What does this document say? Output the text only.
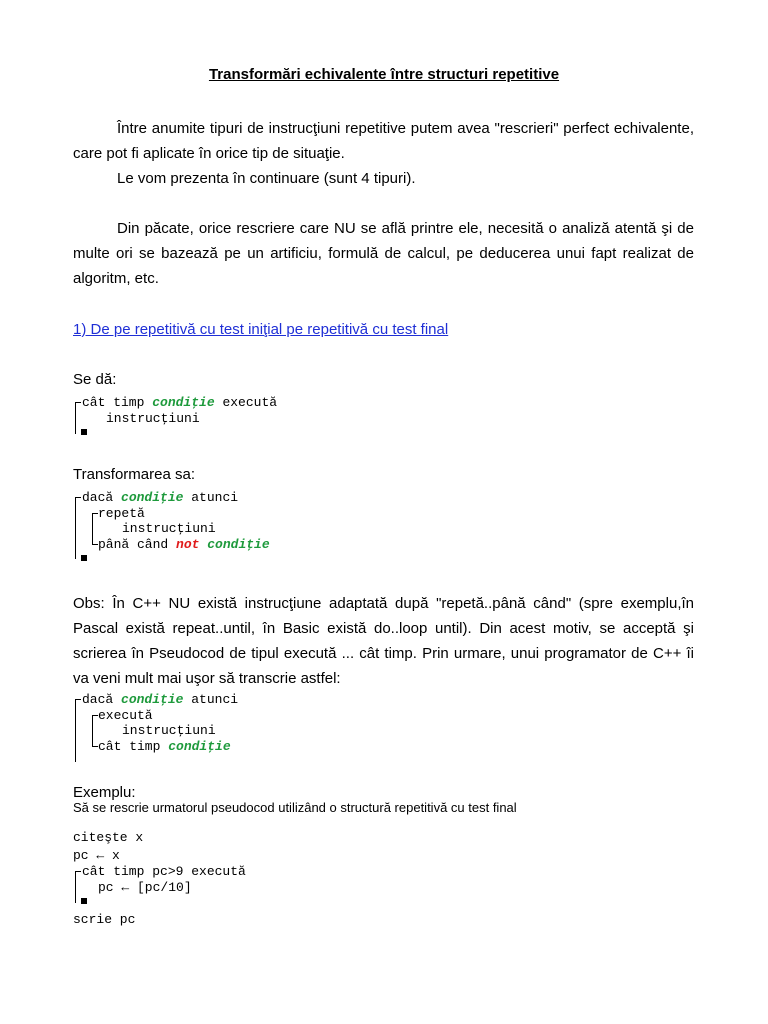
Transformări echivalente între structuri repetitive
Între anumite tipuri de instrucţiuni repetitive putem avea "rescrieri" perfect echivalente, care pot fi aplicate în orice tip de situaţie.
Le vom prezenta în continuare (sunt 4 tipuri).
Din păcate, orice rescriere care NU se află printre ele, necesită o analiză atentă şi de multe ori se bazează pe un artificiu, formulă de calcul, pe deducerea unui fapt realizat de algoritm, etc.
1) De pe repetitivă cu test iniţial pe repetitivă cu test final
Se dă:
cât timp condiţie execută
instrucţiuni
Transformarea sa:
dacă condiţie atunci
repetă
instrucţiuni
până când not condiţie
Obs: În C++ NU există instrucţiune adaptată după "repetă..până când" (spre exemplu,în Pascal există repeat..until, în Basic există do..loop until). Din acest motiv, se acceptă şi scrierea în Pseudocod de tipul execută ... cât timp. Prin urmare, unui programator de C++ îi va veni mult mai uşor să transcrie astfel:
dacă condiţie atunci
execută
instrucţiuni
cât timp condiţie
Exemplu:
Să se rescrie urmatorul pseudocod utilizând o structură repetitivă cu test final
citeşte x
pc ← x
cât timp pc>9 execută
pc ← [pc/10]
scrie pc
